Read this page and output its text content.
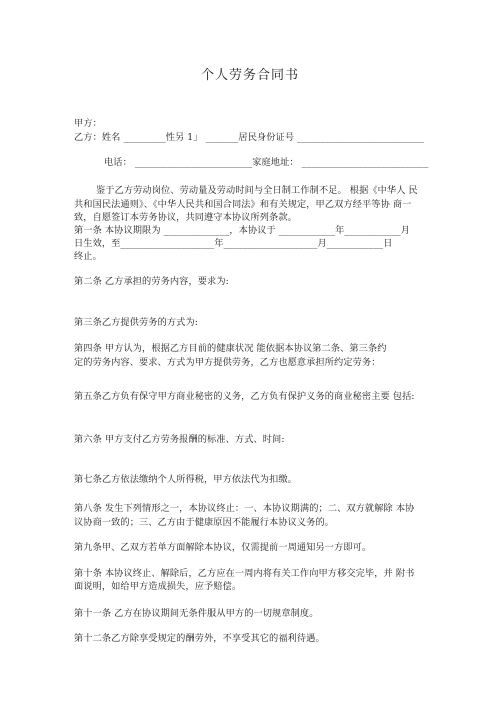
个人劳务合同书
甲方：
乙方：姓名 _________性另 1」 _______居民身份证号 ___________________________
电话： _________________________家庭地址： ___________________________
鉴于乙方劳动岗位、劳动量及劳动时间与全日制工作制不足。 根据《中华人 民
共和国民法通则》、《中华人民共和国合同法》和有关规定，甲乙双方经平等协 商一
致，自愿签订本劳务协议，共同遵守本协议所列条款。
第一条 本协议期限为 ______________，本协议于 ____________年____________月
日生效，至____________________年____________________月____________日
终止。
第二条 乙方承担的劳务内容，要求为:
第三条乙方提供劳务的方式为:
第四条 甲方认为，根据乙方目前的健康状况 能依据本协议第二条、第三条约
定的劳务内容、要求、方式为甲方提供劳务，乙方也愿意承担所约定劳务：
第五条乙方负有保守甲方商业秘密的义务，乙方负有保护义务的商业秘密主要 包括:
第六条 甲方支付乙方劳务报酬的标准、方式、时间:
第七条乙方依法缴纳个人所得税，甲方依法代为扣缴。
第八条 发生下列情形之一，本协议终止：一、本协议期满的；二、双方就解除 本协
议协商一致的；三、乙方由于健康原因不能履行本协议义务的。
第九条甲、乙双方若单方面解除本协议，仅需提前一周通知另一方即可。
第十条 本协议终止、解除后，乙方应在一周内将有关工作向甲方移交完毕，并 附书
面说明，如给甲方造成损失，应予赔偿。
第十一条 乙方在协议期间无条件服从甲方的一切规章制度。
第十二条乙方除享受规定的酬劳外，不享受其它的福利待遇。
